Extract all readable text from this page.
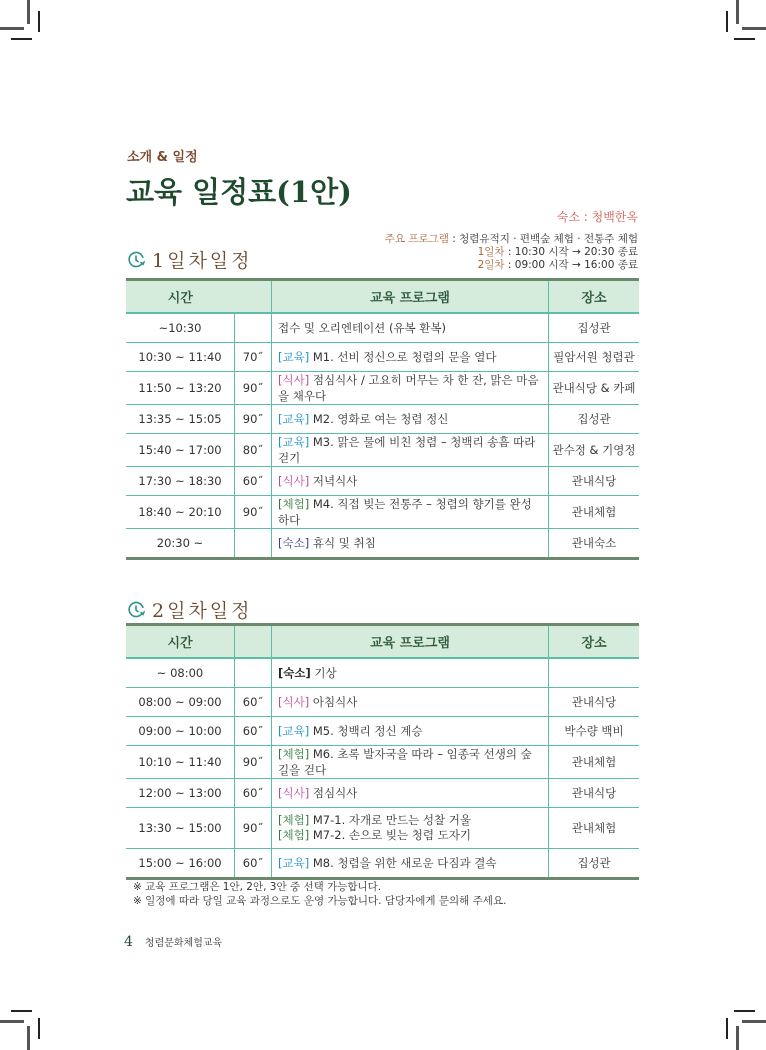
소개 & 일정
교육 일정표(1안)
숙소 : 청백한옥
주요 프로그램 : 청렴유적지 · 편백숲 체험 · 전통주 체험
1일차 : 10:30 시작 → 20:30 종료
2일차 : 09:00 시작 → 16:00 종료
1일차일정
시간		교육 프로그램	장소
~10:30		접수 및 오리엔테이션 (유복 환복)	집성관
10:30 ~ 11:40	70˝	[교육] M1. 선비 정신으로 청렴의 문을 열다	필암서원 청렴관
11:50 ~ 13:20	90˝	[식사] 점심식사 / 고요히 머무는 차 한 잔, 맑은 마음을 채우다	관내식당 & 카페
13:35 ~ 15:05	90˝	[교육] M2. 영화로 여는 청렴 정신	집성관
15:40 ~ 17:00	80˝	[교육] M3. 맑은 물에 비친 청렴 – 청백리 송흠 따라걷기	관수정 & 기영정
17:30 ~ 18:30	60˝	[식사] 저녁식사	관내식당
18:40 ~ 20:10	90˝	[체험] M4. 직접 빚는 전통주 – 청렴의 향기를 완성하다	관내체험
20:30 ~		[숙소] 휴식 및 취침	관내숙소
2일차일정
시간		교육 프로그램	장소
~ 08:00		[숙소] 기상	
08:00 ~ 09:00	60˝	[식사] 아침식사	관내식당
09:00 ~ 10:00	60˝	[교육] M5. 청백리 정신 계승	박수량 백비
10:10 ~ 11:40	90˝	[체험] M6. 초록 발자국을 따라 – 임종국 선생의 숲길을 걷다	관내체험
12:00 ~ 13:00	60˝	[식사] 점심식사	관내식당
13:30 ~ 15:00	90˝	[체험] M7-1. 자개로 만드는 성찰 거울
[체험] M7-2. 손으로 빚는 청렴 도자기	관내체험
15:00 ~ 16:00	60˝	[교육] M8. 청렴을 위한 새로운 다짐과 결속	집성관
※ 교육 프로그램은 1안, 2안, 3안 중 선택 가능합니다.
※ 일정에 따라 당일 교육 과정으로도 운영 가능합니다. 담당자에게 문의해 주세요.
4 청렴문화체험교육
